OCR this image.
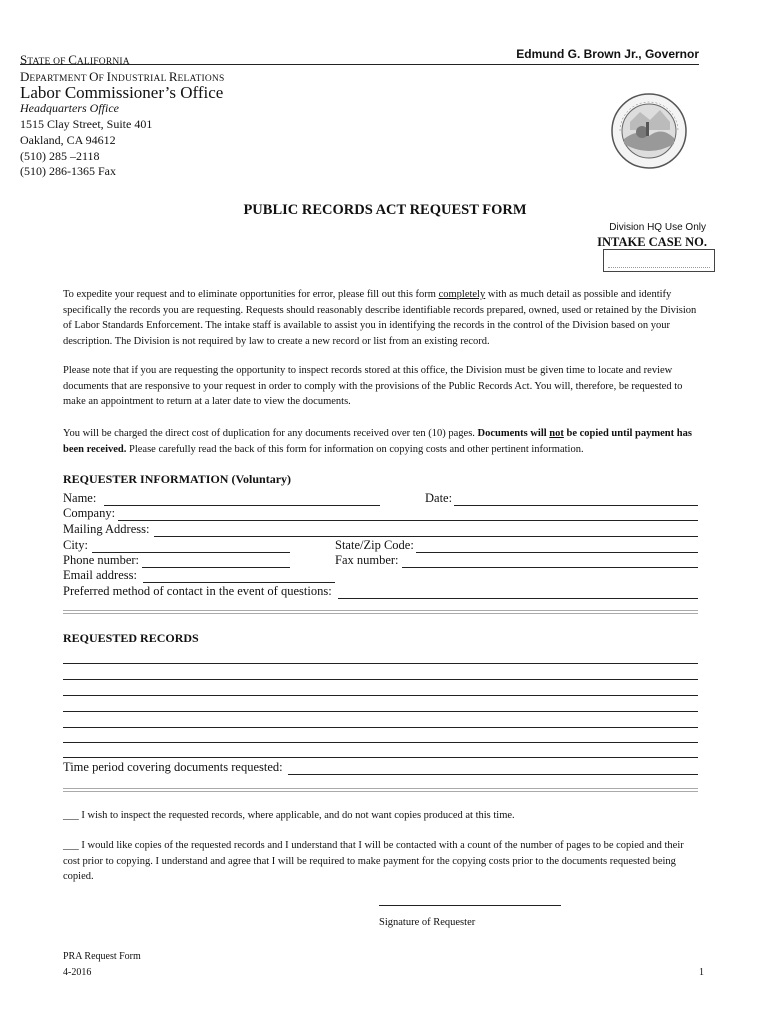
Edmund G. Brown Jr., Governor
STATE OF CALIFORNIA
DEPARTMENT OF INDUSTRIAL RELATIONS
Labor Commissioner’s Office
Headquarters Office
1515 Clay Street, Suite 401
Oakland, CA 94612
(510) 285 –2118
(510) 286-1365 Fax
PUBLIC RECORDS ACT REQUEST FORM
Division HQ Use Only
INTAKE CASE NO.
To expedite your request and to eliminate opportunities for error, please fill out this form completely with as much detail as possible and identify specifically the records you are requesting. Requests should reasonably describe identifiable records prepared, owned, used or retained by the Division of Labor Standards Enforcement. The intake staff is available to assist you in identifying the records in the control of the Division based on your description. The Division is not required by law to create a new record or list from an existing record.
Please note that if you are requesting the opportunity to inspect records stored at this office, the Division must be given time to locate and review documents that are responsive to your request in order to comply with the provisions of the Public Records Act. You will, therefore, be requested to make an appointment to return at a later date to view the documents.
You will be charged the direct cost of duplication for any documents received over ten (10) pages. Documents will not be copied until payment has been received. Please carefully read the back of this form for information on copying costs and other pertinent information.
REQUESTER INFORMATION (Voluntary)
Name:	Date:
Company:
Mailing Address:
City:	State/Zip Code:
Phone number:	Fax number:
Email address:
Preferred method of contact in the event of questions:
REQUESTED RECORDS
Time period covering documents requested:
___ I wish to inspect the requested records, where applicable, and do not want copies produced at this time.
___ I would like copies of the requested records and I understand that I will be contacted with a count of the number of pages to be copied and their cost prior to copying. I understand and agree that I will be required to make payment for the copying costs prior to the documents requested being copied.
Signature of Requester
PRA Request Form
4-2016	1
